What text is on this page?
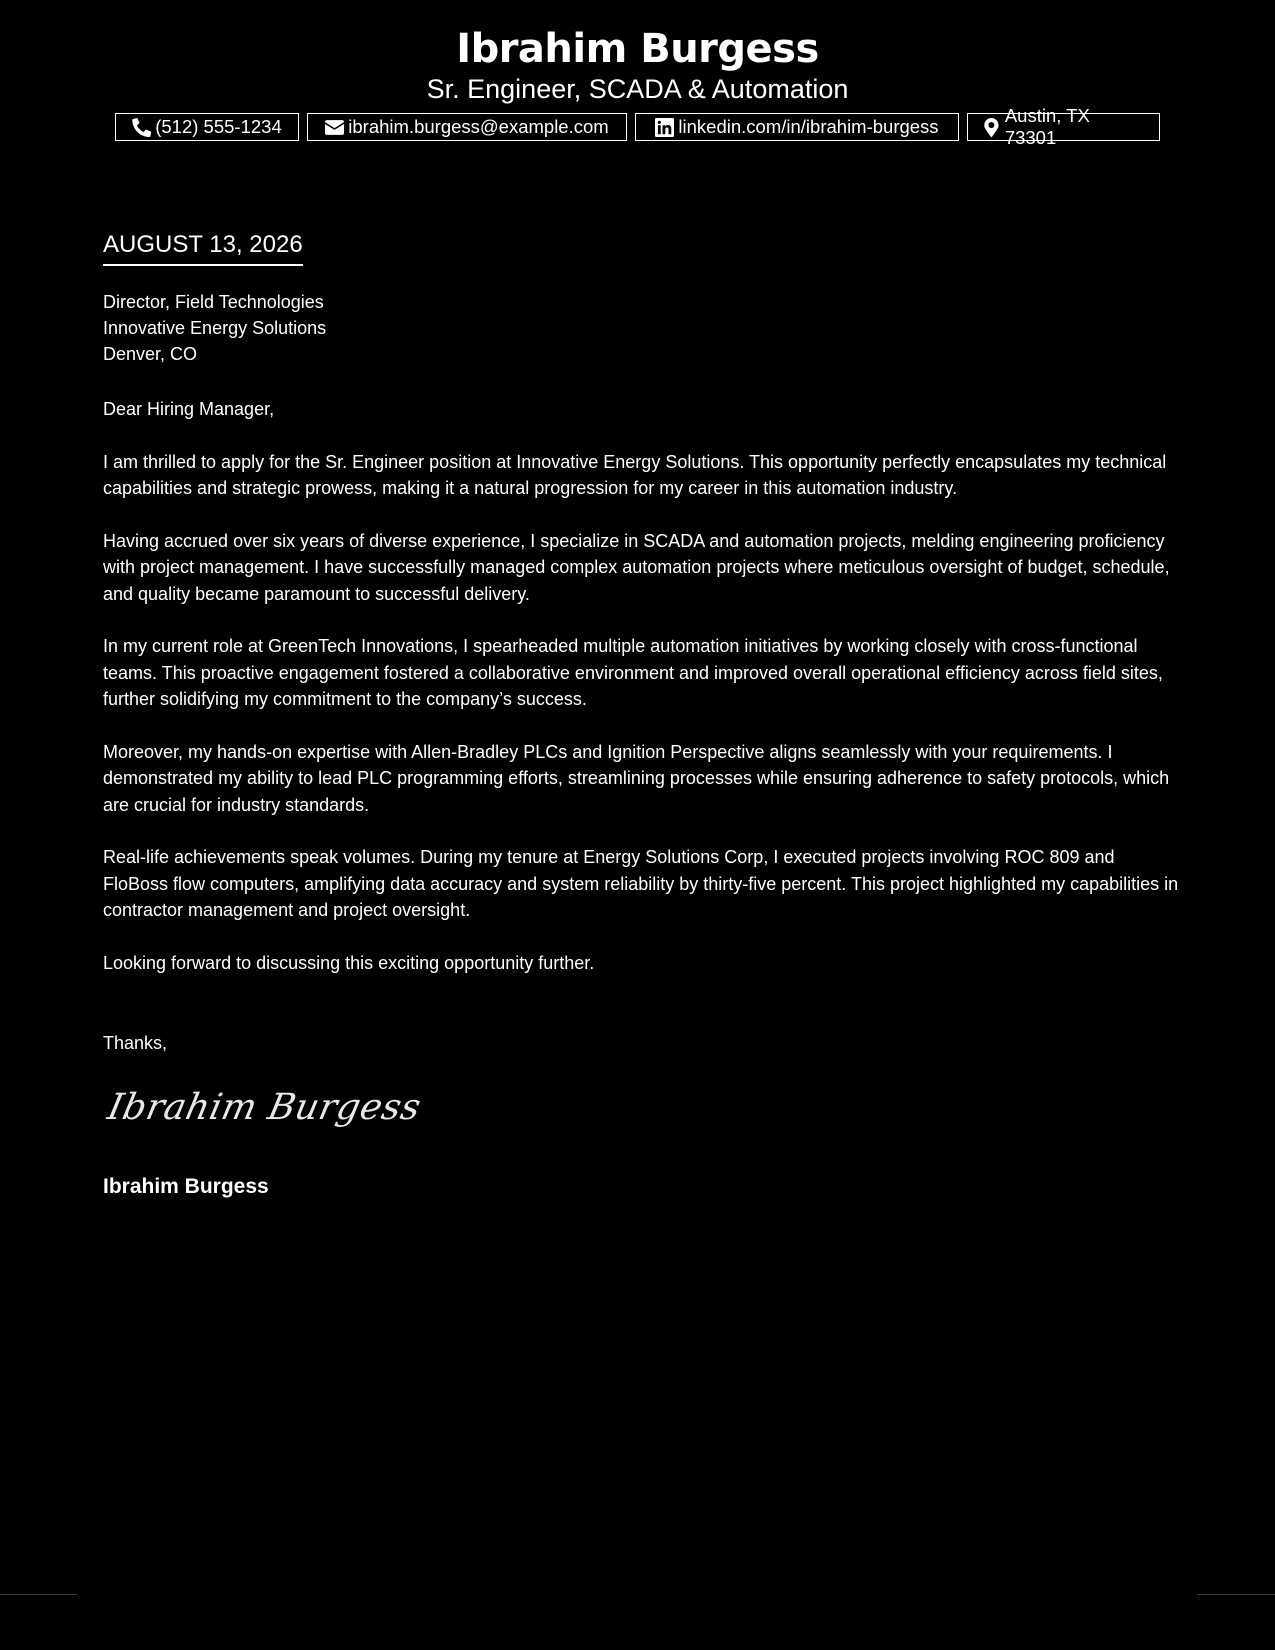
Ibrahim Burgess
Sr. Engineer, SCADA & Automation
(512) 555-1234	ibrahim.burgess@example.com	linkedin.com/in/ibrahim-burgess
Austin, TX 73301
AUGUST 13, 2026
Director, Field Technologies
Innovative Energy Solutions
Denver, CO

Dear Hiring Manager,

I am thrilled to apply for the Sr. Engineer position at Innovative Energy Solutions. This opportunity perfectly encapsulates my technical capabilities and strategic prowess, making it a natural progression for my career in this automation industry.

Having accrued over six years of diverse experience, I specialize in SCADA and automation projects, melding engineering proficiency with project management. I have successfully managed complex automation projects where meticulous oversight of budget, schedule, and quality became paramount to successful delivery.

In my current role at GreenTech Innovations, I spearheaded multiple automation initiatives by working closely with cross-functional teams. This proactive engagement fostered a collaborative environment and improved overall operational efficiency across field sites, further solidifying my commitment to the company’s success.

Moreover, my hands-on expertise with Allen-Bradley PLCs and Ignition Perspective aligns seamlessly with your requirements. I demonstrated my ability to lead PLC programming efforts, streamlining processes while ensuring adherence to safety protocols, which are crucial for industry standards.

Real-life achievements speak volumes. During my tenure at Energy Solutions Corp, I executed projects involving ROC 809 and FloBoss flow computers, amplifying data accuracy and system reliability by thirty-five percent. This project highlighted my capabilities in contractor management and project oversight.

Looking forward to discussing this exciting opportunity further.

Thanks,
Ibrahim Burgess
Ibrahim Burgess
